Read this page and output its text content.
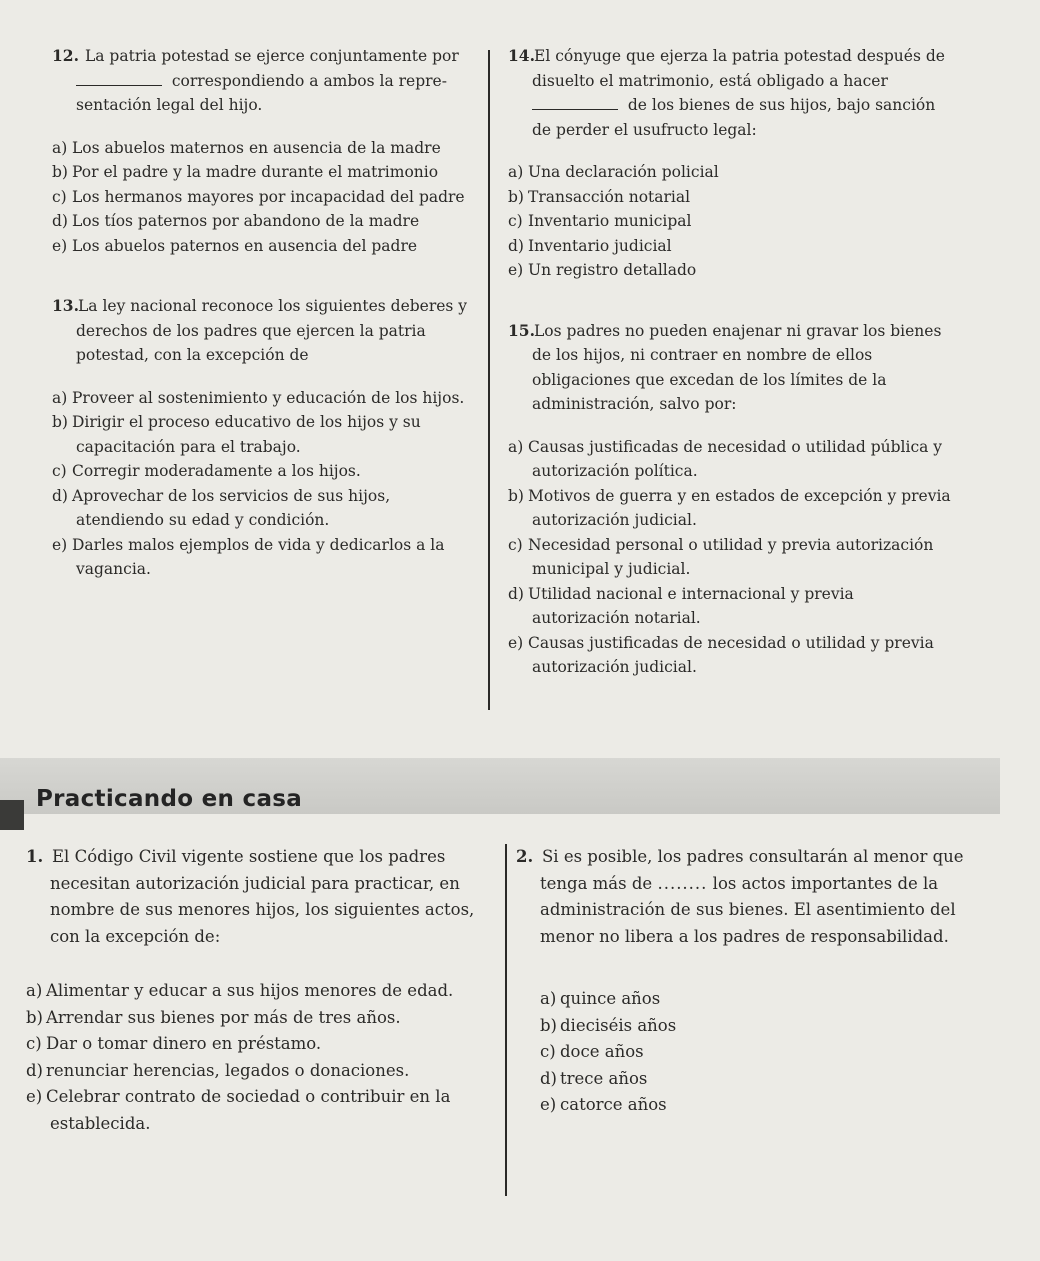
12. La patria potestad se ejerce conjuntamente por
correspondiendo a ambos la repre-
sentación legal del hijo.
a) Los abuelos maternos en ausencia de la madre
b) Por el padre y la madre durante el matrimonio
c) Los hermanos mayores por incapacidad del padre
d) Los tíos paternos por abandono de la madre
e) Los abuelos paternos en ausencia del padre
13.La ley nacional reconoce los siguientes deberes y derechos de los padres que ejercen la patria potestad, con la excepción de
a) Proveer al sostenimiento y educación de los hijos.
b) Dirigir el proceso educativo de los hijos y su capacitación para el trabajo.
c) Corregir moderadamente a los hijos.
d) Aprovechar de los servicios de sus hijos, atendiendo su edad y condición.
e) Darles malos ejemplos de vida y dedicarlos a la vagancia.
14.El cónyuge que ejerza la patria potestad después de disuelto el matrimonio, está obligado a hacer
de los bienes de sus hijos, bajo sanción de perder el usufructo legal:
a) Una declaración policial
b) Transacción notarial
c) Inventario municipal
d) Inventario judicial
e) Un registro detallado
15.Los padres no pueden enajenar ni gravar los bienes de los hijos, ni contraer en nombre de ellos obligaciones que excedan de los límites de la administración, salvo por:
a) Causas justificadas de necesidad o utilidad pública y autorización política.
b) Motivos de guerra y en estados de excepción y previa autorización judicial.
c) Necesidad personal o utilidad y previa autorización municipal y judicial.
d) Utilidad nacional e internacional y previa autorización notarial.
e) Causas justificadas de necesidad o utilidad y previa autorización judicial.
Practicando en casa
1. El Código Civil vigente sostiene que los padres necesitan autorización judicial para practicar, en nombre de sus menores hijos, los siguientes actos, con la excepción de:
a) Alimentar y educar a sus hijos menores de edad.
b) Arrendar sus bienes por más de tres años.
c) Dar o tomar dinero en préstamo.
d) renunciar herencias, legados o donaciones.
e) Celebrar contrato de sociedad o contribuir en la establecida.
2. Si es posible, los padres consultarán al menor que tenga más de ........ los actos importantes de la administración de sus bienes. El asentimiento del menor no libera a los padres de responsabilidad.
a) quince años
b) dieciséis años
c) doce años
d) trece años
e) catorce años
